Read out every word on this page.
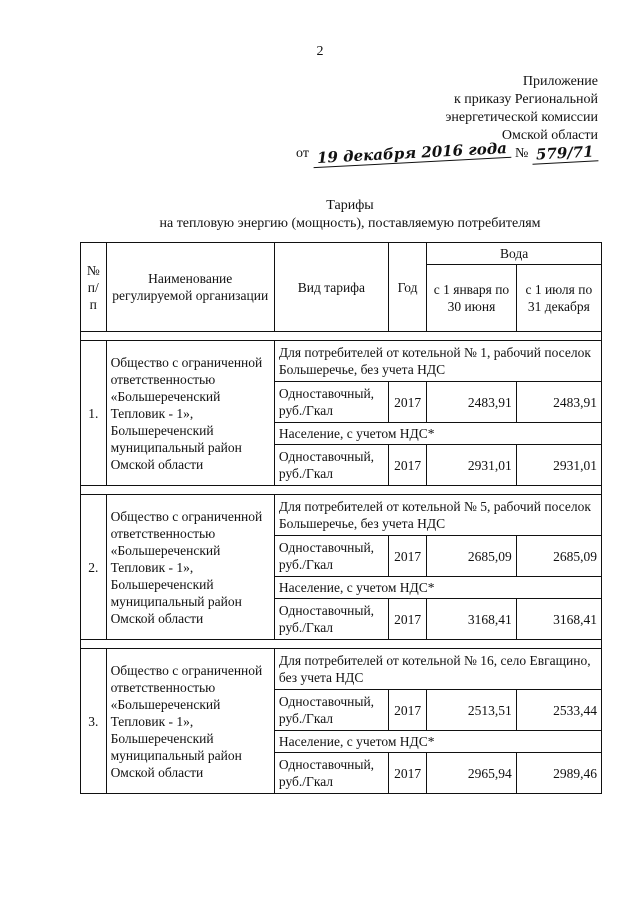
2
Приложение
к приказу Региональной
энергетической комиссии
Омской области
от 19 декабря 2016 года № 579/71
Тарифы
на тепловую энергию (мощность), поставляемую потребителям
№ п/п	Наименование регулируемой организации	Вид тарифа	Год	Вода	
				с 1 января по 30 июня	с 1 июля по 31 декабря

1.	Общество с ограниченной ответственностью «Большереченский Тепловик - 1», Большереченский муниципальный район Омской области	Для потребителей от котельной № 1, рабочий поселок Большеречье, без учета НДС			
		Одноставочный, руб./Гкал	2017	2483,91	2483,91
		Население, с учетом НДС*			
		Одноставочный, руб./Гкал	2017	2931,01	2931,01

2.	Общество с ограниченной ответственностью «Большереченский Тепловик - 1», Большереченский муниципальный район Омской области	Для потребителей от котельной № 5, рабочий поселок Большеречье, без учета НДС			
		Одноставочный, руб./Гкал	2017	2685,09	2685,09
		Население, с учетом НДС*			
		Одноставочный, руб./Гкал	2017	3168,41	3168,41

3.	Общество с ограниченной ответственностью «Большереченский Тепловик - 1», Большереченский муниципальный район Омской области	Для потребителей от котельной № 16, село Евгащино, без учета НДС			
		Одноставочный, руб./Гкал	2017	2513,51	2533,44
		Население, с учетом НДС*			
		Одноставочный, руб./Гкал	2017	2965,94	2989,46
